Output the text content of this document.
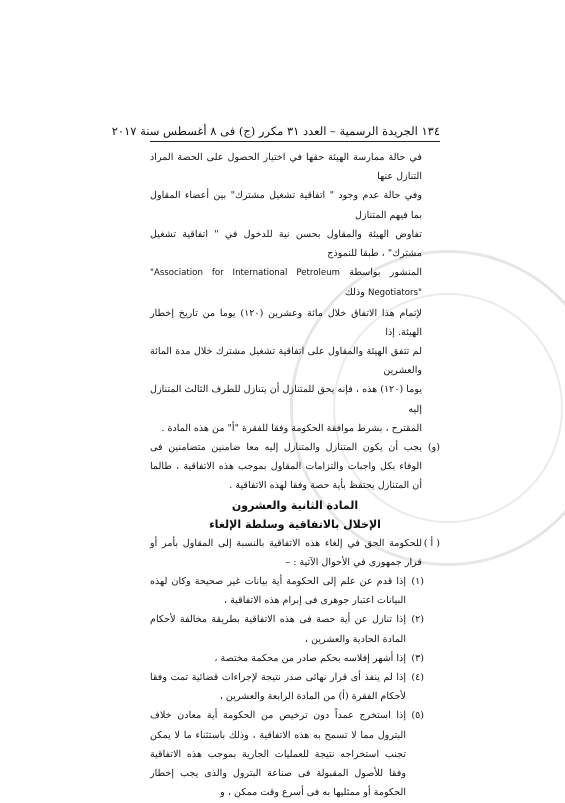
١٣٤ الجريدة الرسمية – العدد ٣١ مكرر (ج) فى ٨ أغسطس سنة ٢٠١٧

في حالة ممارسة الهيئة حقها في اختيار الحصول على الحصة المراد التنازل عنها

وفي حالة عدم وجود " اتفاقية تشغيل مشترك" بين أعضاء المقاول بما فيهم المتنازل

تفاوض الهيئة والمقاول بحسن نية للدخول في " اتفاقية تشغيل مشترك" ، طبقا للنموذج

المنشور بواسطة "Association for International Petroleum Negotiators" وذلك

لإتمام هذا الاتفاق خلال مائة وعشرين (١٢٠) يوما من تاريخ إخطار الهيئة. إذا

لم تتفق الهيئة والمقاول على اتفاقية تشغيل مشترك خلال مدة المائة والعشرين

يوما (١٢٠) هذه ، فإنه يحق للمتنازل أن يتنازل للطرف الثالث المتنازل إليه

المقترح ، بشرط موافقة الحكومة وفقا للفقرة "أ" من هذه المادة .

(و)

يجب أن يكون المتنازل والمتنازل إليه معا ضامنين متضامنين فى الوفاء بكل واجبات والتزامات المقاول بموجب هذه الاتفاقية ، طالما أن المتنازل يحتفظ بأية حصة وفقا لهذه الاتفاقية .

المادة الثانية والعشرون

الإخلال بالاتفاقية وسلطة الإلغاء

( أ )

للحكومة الحق في إلغاء هذه الاتفاقية بالنسبة إلى المقاول بأمر أو قرار جمهورى في الأحوال الآتية : –

(١)

إذا قدم عن علم إلى الحكومة أية بيانات غير صحيحة وكان لهذه البيانات اعتبار جوهرى فى إبرام هذه الاتفاقية ،

(٢)

إذا تنازل عن أية حصة فى هذه الاتفاقية بطريقة مخالفة لأحكام المادة الحادية والعشرين ،

(٣)

إذا أشهر إفلاسه بحكم صادر من محكمة مختصة ،

(٤)

إذا لم ينفذ أى قرار نهائى صدر نتيجة لإجراءات قضائية تمت وفقا لأحكام الفقرة (أ) من المادة الرابعة والعشرين ،

(٥)

إذا استخرج عمداً دون ترخيص من الحكومة أية معادن خلاف البترول مما لا تسمح به هذه الاتفاقية ، وذلك باستثناء ما لا يمكن تجنب استخراجه نتيجة للعمليات الجارية بموجب هذه الاتفاقية وفقا للأصول المقبولة فى صناعة البترول والذى يجب إخطار الحكومة أو ممثليها به فى أسرع وقت ممكن ، و
